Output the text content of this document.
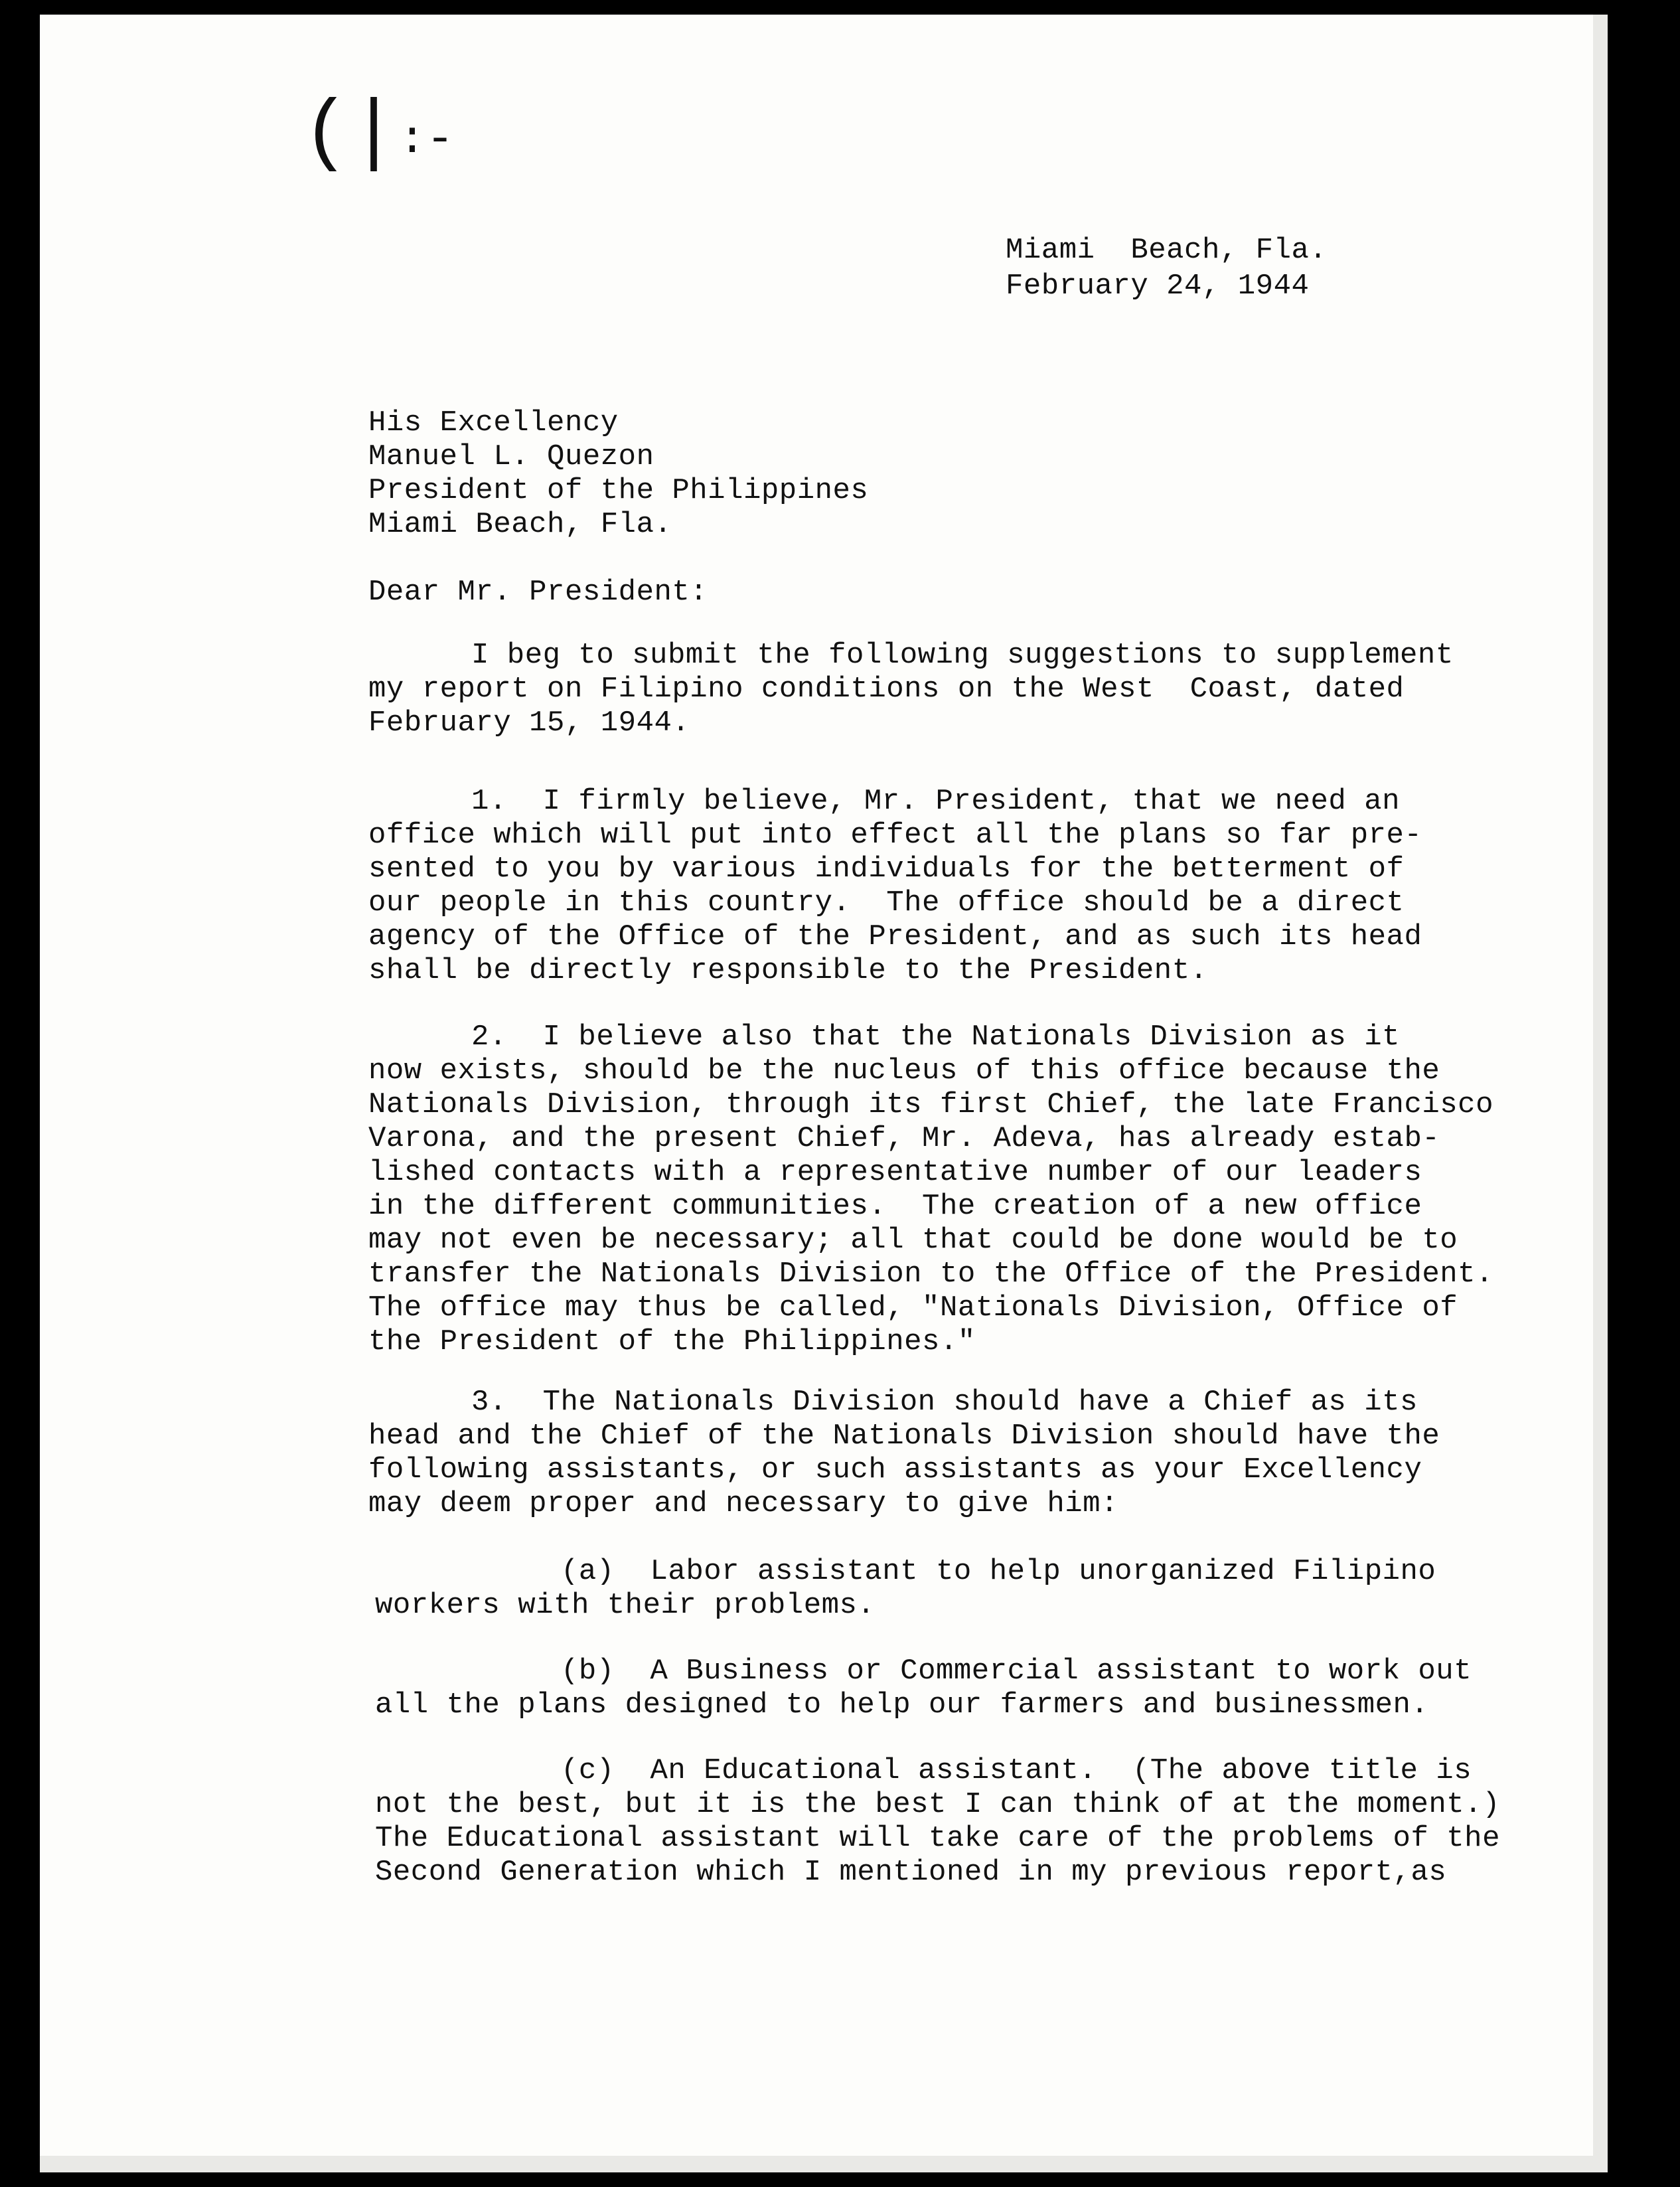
(| :-
Miami  Beach, Fla.
February 24, 1944
His Excellency
Manuel L. Quezon
President of the Philippines
Miami Beach, Fla.
Dear Mr. President:
I beg to submit the following suggestions to supplement
my report on Filipino conditions on the West  Coast, dated
February 15, 1944.
1.  I firmly believe, Mr. President, that we need an
office which will put into effect all the plans so far pre-
sented to you by various individuals for the betterment of
our people in this country.  The office should be a direct
agency of the Office of the President, and as such its head
shall be directly responsible to the President.
2.  I believe also that the Nationals Division as it
now exists, should be the nucleus of this office because the
Nationals Division, through its first Chief, the late Francisco
Varona, and the present Chief, Mr. Adeva, has already estab-
lished contacts with a representative number of our leaders
in the different communities.  The creation of a new office
may not even be necessary; all that could be done would be to
transfer the Nationals Division to the Office of the President.
The office may thus be called, "Nationals Division, Office of
the President of the Philippines."
3.  The Nationals Division should have a Chief as its
head and the Chief of the Nationals Division should have the
following assistants, or such assistants as your Excellency
may deem proper and necessary to give him:
(a)  Labor assistant to help unorganized Filipino
workers with their problems.
(b)  A Business or Commercial assistant to work out
all the plans designed to help our farmers and businessmen.
(c)  An Educational assistant.  (The above title is
not the best, but it is the best I can think of at the moment.)
The Educational assistant will take care of the problems of the
Second Generation which I mentioned in my previous report,as
